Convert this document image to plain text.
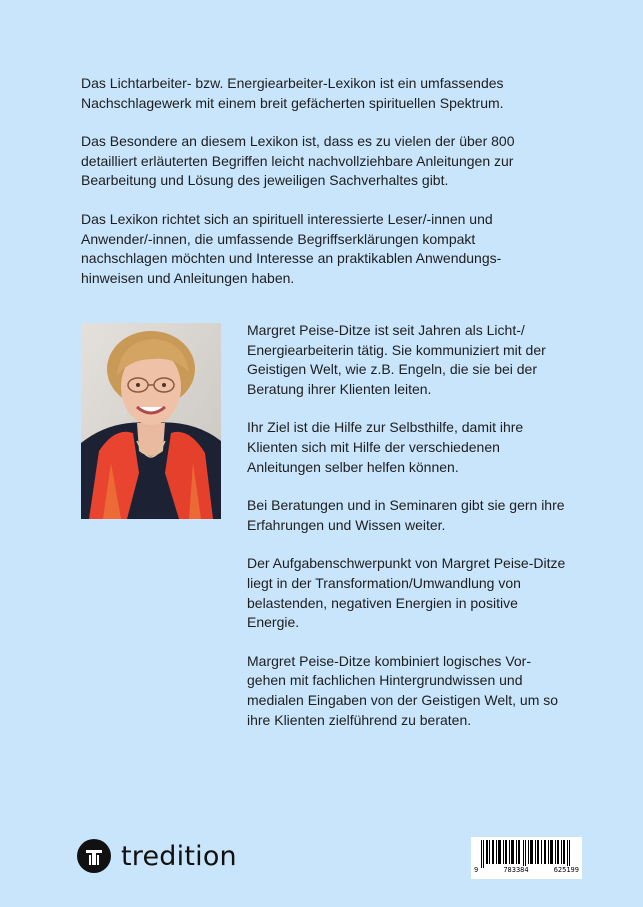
Das Lichtarbeiter- bzw. Energiearbeiter-Lexikon ist ein umfassendes Nachschlagewerk mit einem breit gefächerten spirituellen Spektrum.

Das Besondere an diesem Lexikon ist, dass es zu vielen der über 800 detailliert erläuterten Begriffen leicht nachvollziehbare Anleitungen zur Bearbeitung und Lösung des jeweiligen Sachverhaltes gibt.

Das Lexikon richtet sich an spirituell interessierte Leser/-innen und Anwender/-innen, die umfassende Begriffserklärungen kompakt nachschlagen möchten und Interesse an praktikablen Anwendungs- hinweisen und Anleitungen haben.

Margret Peise-Ditze ist seit Jahren als Licht-/ Energiearbeiterin tätig. Sie kommuniziert mit der Geistigen Welt, wie z.B. Engeln, die sie bei der Beratung ihrer Klienten leiten.

Ihr Ziel ist die Hilfe zur Selbsthilfe, damit ihre Klienten sich mit Hilfe der verschiedenen Anleitungen selber helfen können.

Bei Beratungen und in Seminaren gibt sie gern ihre Erfahrungen und Wissen weiter.

Der Aufgabenschwerpunkt von Margret Peise-Ditze liegt in der Transformation/Umwandlung von belastenden, negativen Energien in positive Energie.

Margret Peise-Ditze kombiniert logisches Vor- gehen mit fachlichen Hintergrundwissen und medialen Eingaben von der Geistigen Welt, um so ihre Klienten zielführend zu beraten.

tredition	9	783384	625199
